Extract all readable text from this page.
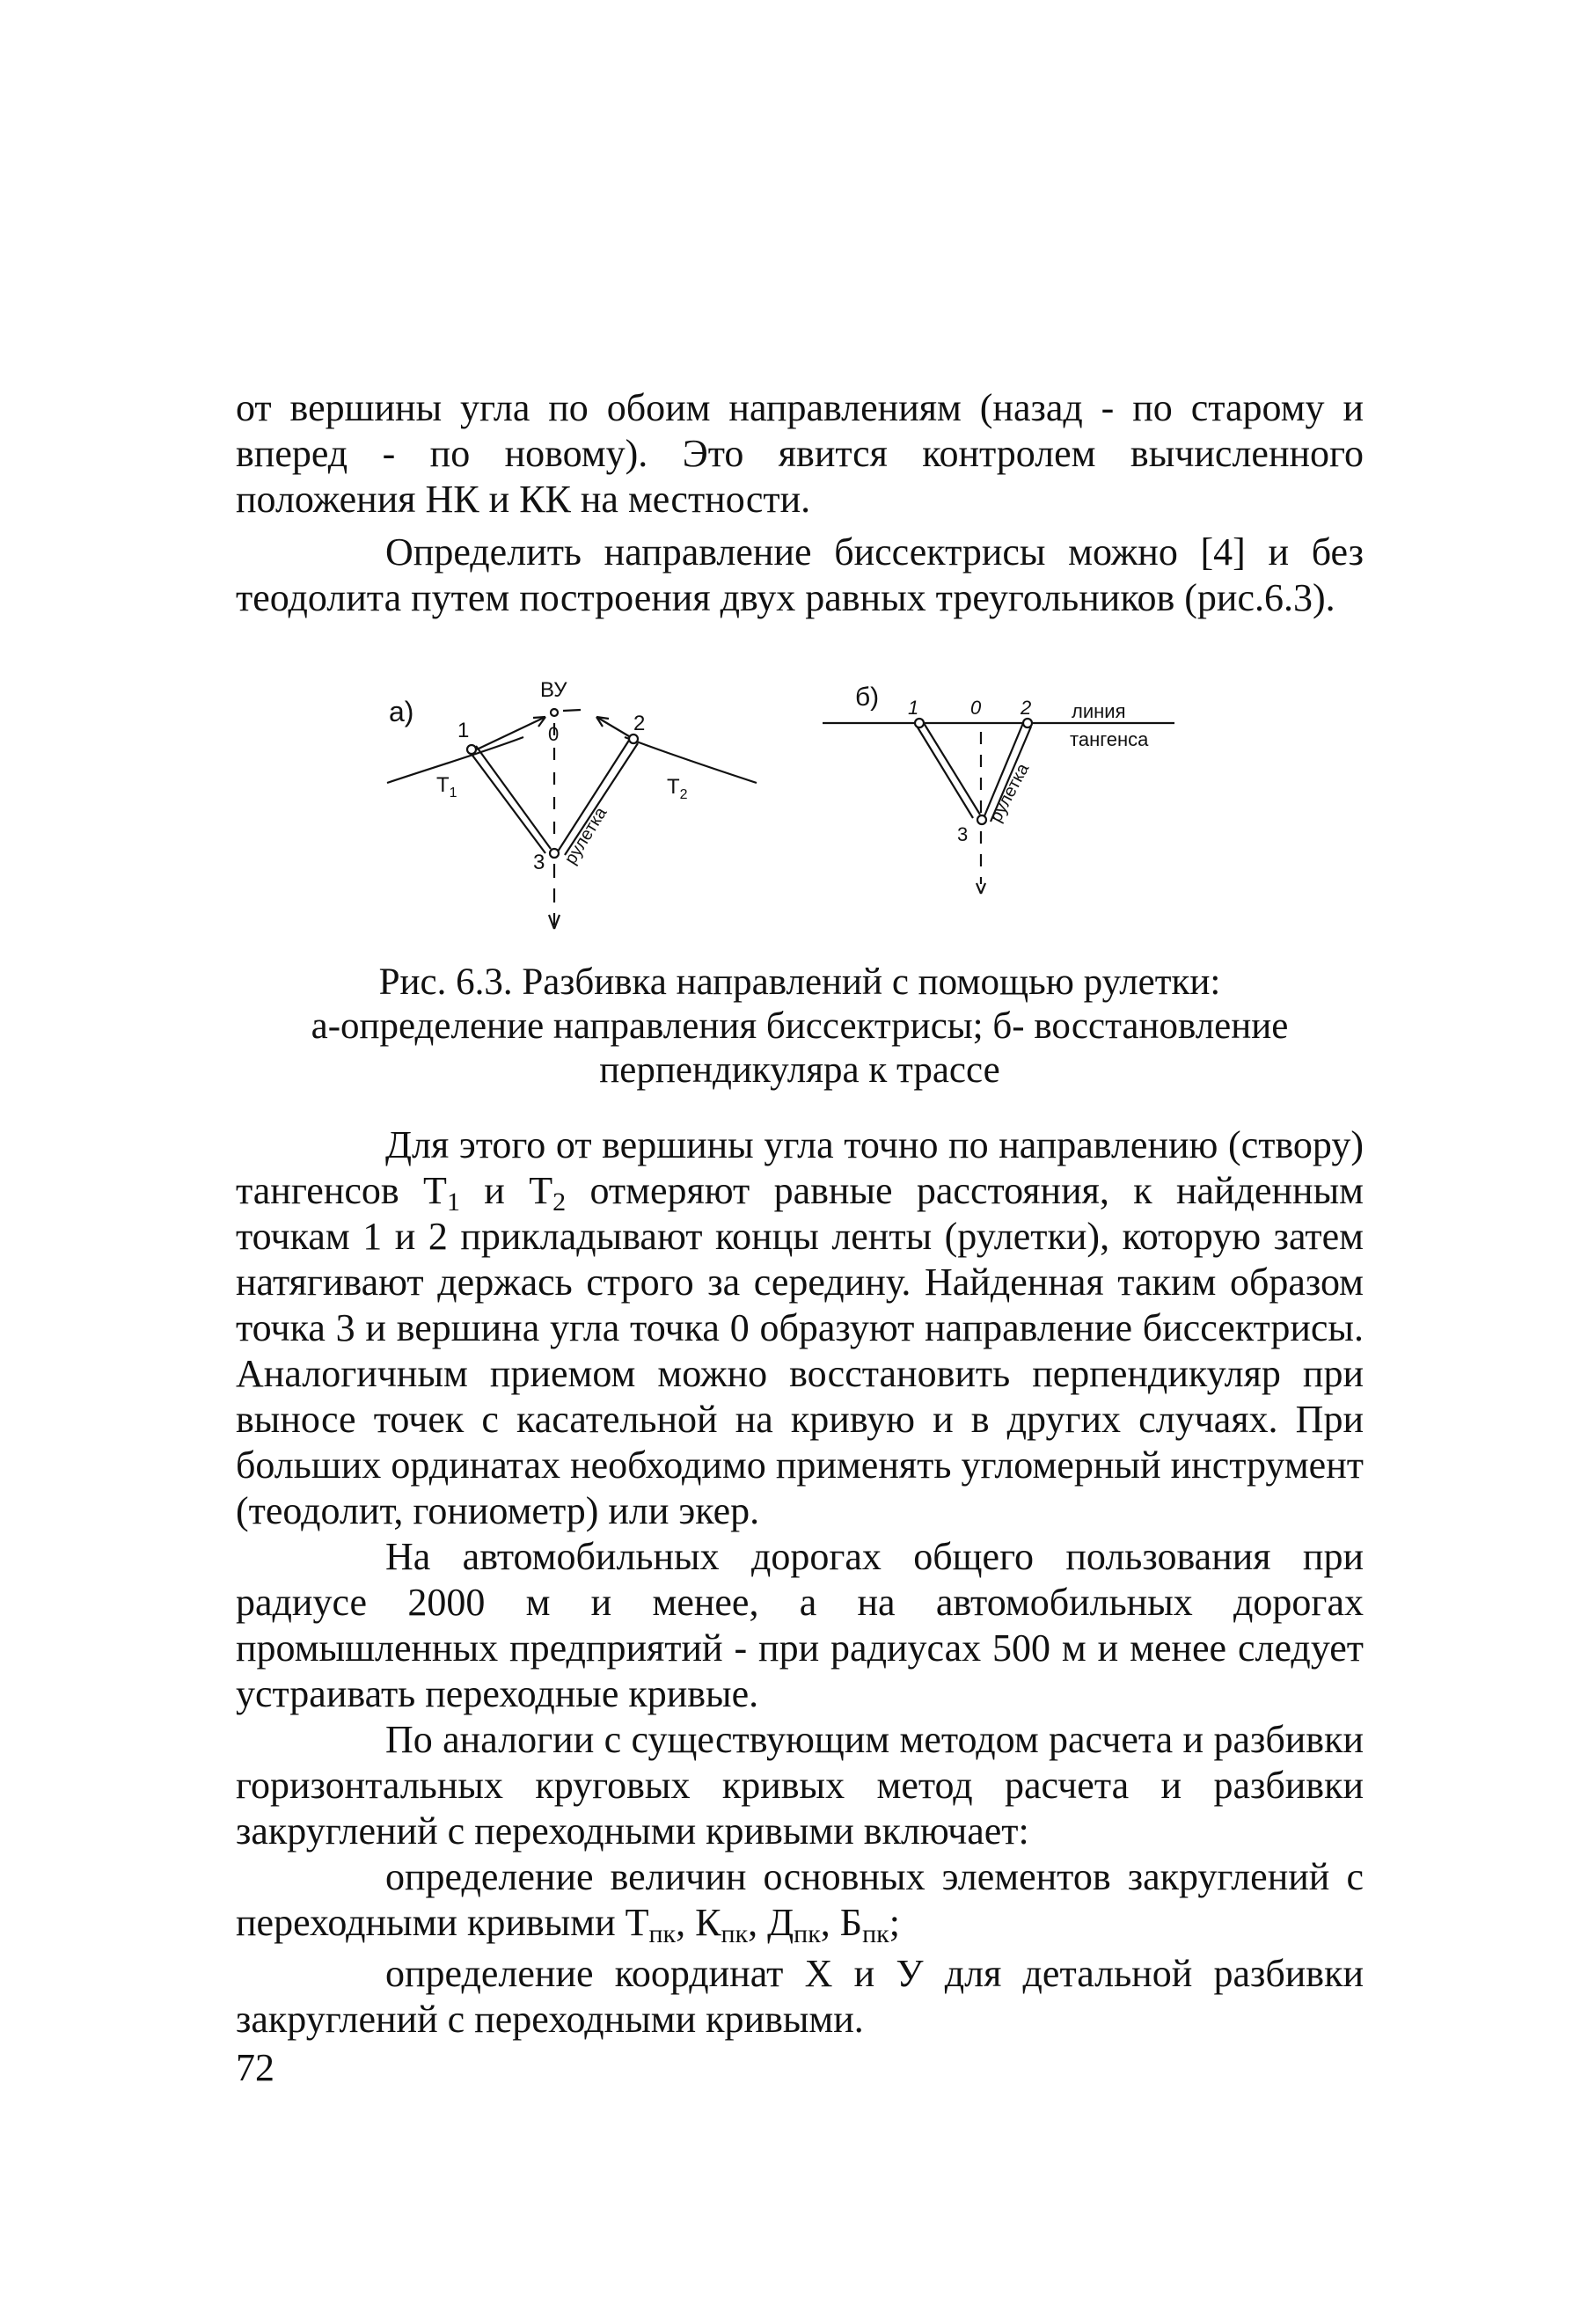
от вершины угла по обоим направлениям (назад - по старому и вперед - по новому). Это явится контролем вычисленного положения НК и КК на местности.

Определить направление биссектрисы можно [4] и без теодолита путем построения двух равных треугольников (рис.6.3).

а)
ВУ
0
1	2
3
$Т_1$	$Т_2$
рулетка
б) 1	0 2
3
линия
тангенса
рулетка
Рис. 6.3. Разбивка направлений с помощью рулетки:
а-определение направления биссектрисы; б- восстановление
перпендикуляра к трассе

Для этого от вершины угла точно по направлению (створу) тангенсов $Т_1$ и $Т_2$ отмеряют равные расстояния, к найденным точкам 1 и 2 прикладывают концы ленты (рулетки), которую затем натягивают держась строго за середину. Найденная таким образом точка 3 и вершина угла точка 0 образуют направление биссектрисы. Аналогичным приемом можно восстановить перпендикуляр при выносе точек с касательной на кривую и в других случаях. При больших ординатах необходимо применять угломерный инструмент (теодолит, гониометр) или экер.

На автомобильных дорогах общего пользования при радиусе 2000 м и менее, а на автомобильных дорогах промышленных предприятий - при радиусах 500 м и менее следует устраивать переходные кривые.

По аналогии с существующим методом расчета и разбивки горизонтальных круговых кривых метод расчета и разбивки закруглений с переходными кривыми включает:

определение величин основных элементов закруглений с переходными кривыми $Т_{пк}$, $К_{пк}$, $Д_{пк}$, $Б_{пк}$;

определение координат Х и У для детальной разбивки закруглений с переходными кривыми.

72
